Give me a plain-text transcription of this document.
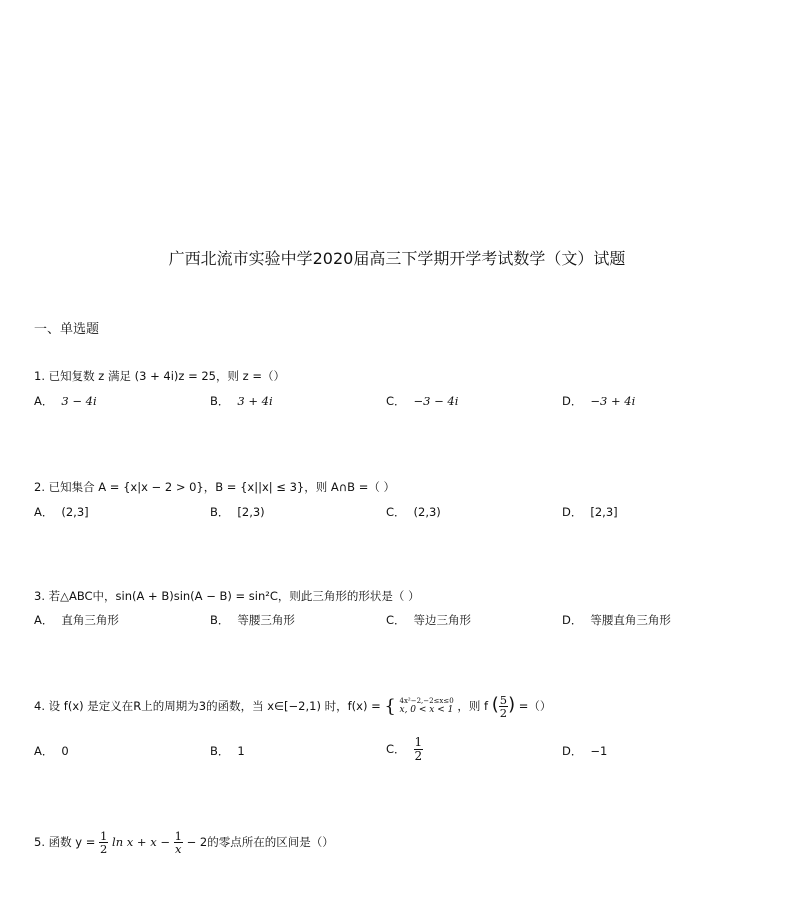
广西北流市实验中学2020届高三下学期开学考试数学（文）试题
一、单选题
1. 已知复数 z 满足 (3 + 4i)z = 25，则 z =（）
A． 3 − 4i	B． 3 + 4i	C． −3 − 4i	D． −3 + 4i
2. 已知集合 A = {x|x − 2 > 0}，B = {x||x| ≤ 3}，则 A∩B =（ ）
A． (2,3]	B． [2,3)	C． (2,3)	D． [2,3]
3. 若△ABC中，sin(A + B)sin(A − B) = sin²C，则此三角形的形状是（ ）
A． 直角三角形	B． 等腰三角形	C． 等边三角形	D． 等腰直角三角形
4. 设 f(x) 是定义在R上的周期为3的函数，当 x∈[−2,1) 时，f(x) = { 4x²−2,−2≤x≤0
x, 0 < x < 1 ，则 f ( $\frac{5}{2}$ ) =（）
A． 0	B． 1	C． $\frac{1}{2}$	D． −1
5. 函数 $y = \frac{1}{2}$ $\ln x + x - \frac{1}{x} - 2$的零点所在的区间是（）
